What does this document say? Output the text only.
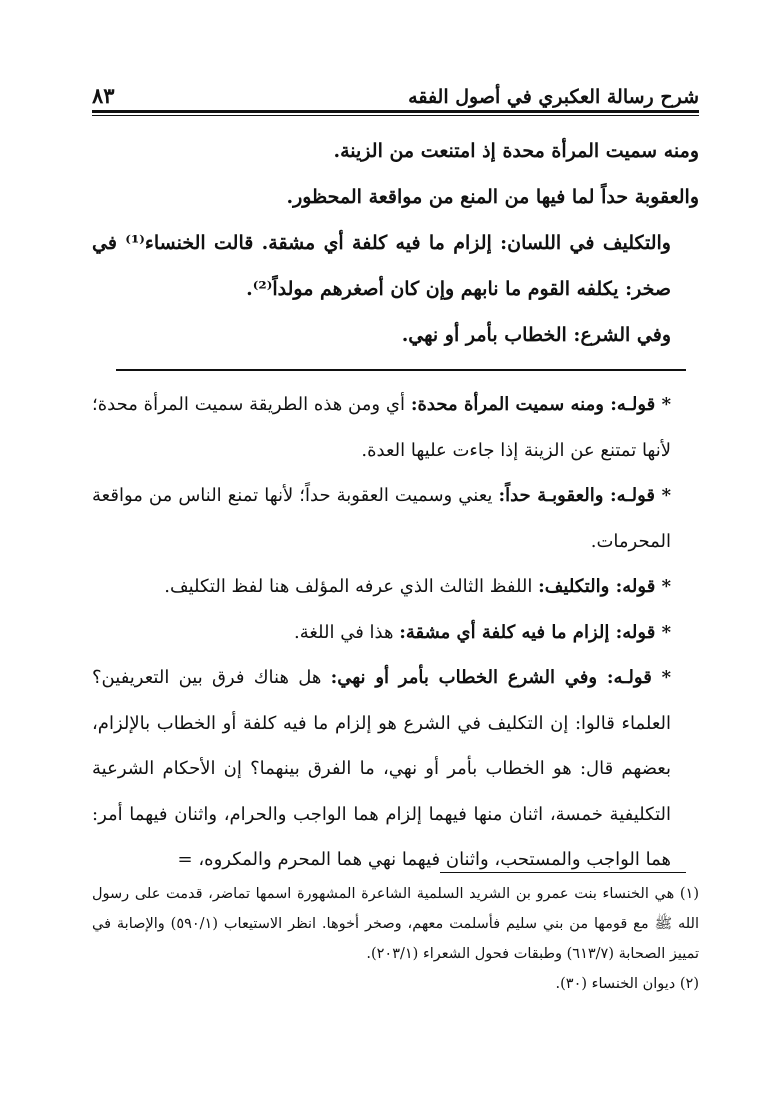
شرح رسالة العكبري في أصول الفقه
٨٣

ومنه سميت المرأة محدة إذ امتنعت من الزينة.

والعقوبة حداً لما فيها من المنع من مواقعة المحظور.

والتكليف في اللسان: إلزام ما فيه كلفة أي مشقة. قالت الخنساء⁽¹⁾ في صخر: يكلفه القوم ما نابهم وإن كان أصغرهم مولداً⁽²⁾.

وفي الشرع: الخطاب بأمر أو نهي.

* قولـه: ومنه سميت المرأة محدة: أي ومن هذه الطريقة سميت المرأة محدة؛ لأنها تمتنع عن الزينة إذا جاءت عليها العدة.

* قولـه: والعقوبـة حداً: يعني وسميت العقوبة حداً؛ لأنها تمنع الناس من مواقعة المحرمات.

* قوله: والتكليف: اللفظ الثالث الذي عرفه المؤلف هنا لفظ التكليف.

* قوله: إلزام ما فيه كلفة أي مشقة: هذا في اللغة.

* قولـه: وفي الشرع الخطاب بأمر أو نهي: هل هناك فرق بين التعريفين؟ العلماء قالوا: إن التكليف في الشرع هو إلزام ما فيه كلفة أو الخطاب بالإلزام، بعضهم قال: هو الخطاب بأمر أو نهي، ما الفرق بينهما؟ إن الأحكام الشرعية التكليفية خمسة، اثنان منها فيهما إلزام هما الواجب والحرام، واثنان فيهما أمر: هما الواجب والمستحب، واثنان فيهما نهي هما المحرم والمكروه، =

(١) هي الخنساء بنت عمرو بن الشريد السلمية الشاعرة المشهورة اسمها تماضر، قدمت على رسول الله ﷺ مع قومها من بني سليم فأسلمت معهم، وصخر أخوها. انظر الاستيعاب (٥٩٠/١) والإصابة في تمييز الصحابة (٦١٣/٧) وطبقات فحول الشعراء (٢٠٣/١).

(٢) ديوان الخنساء (٣٠).
